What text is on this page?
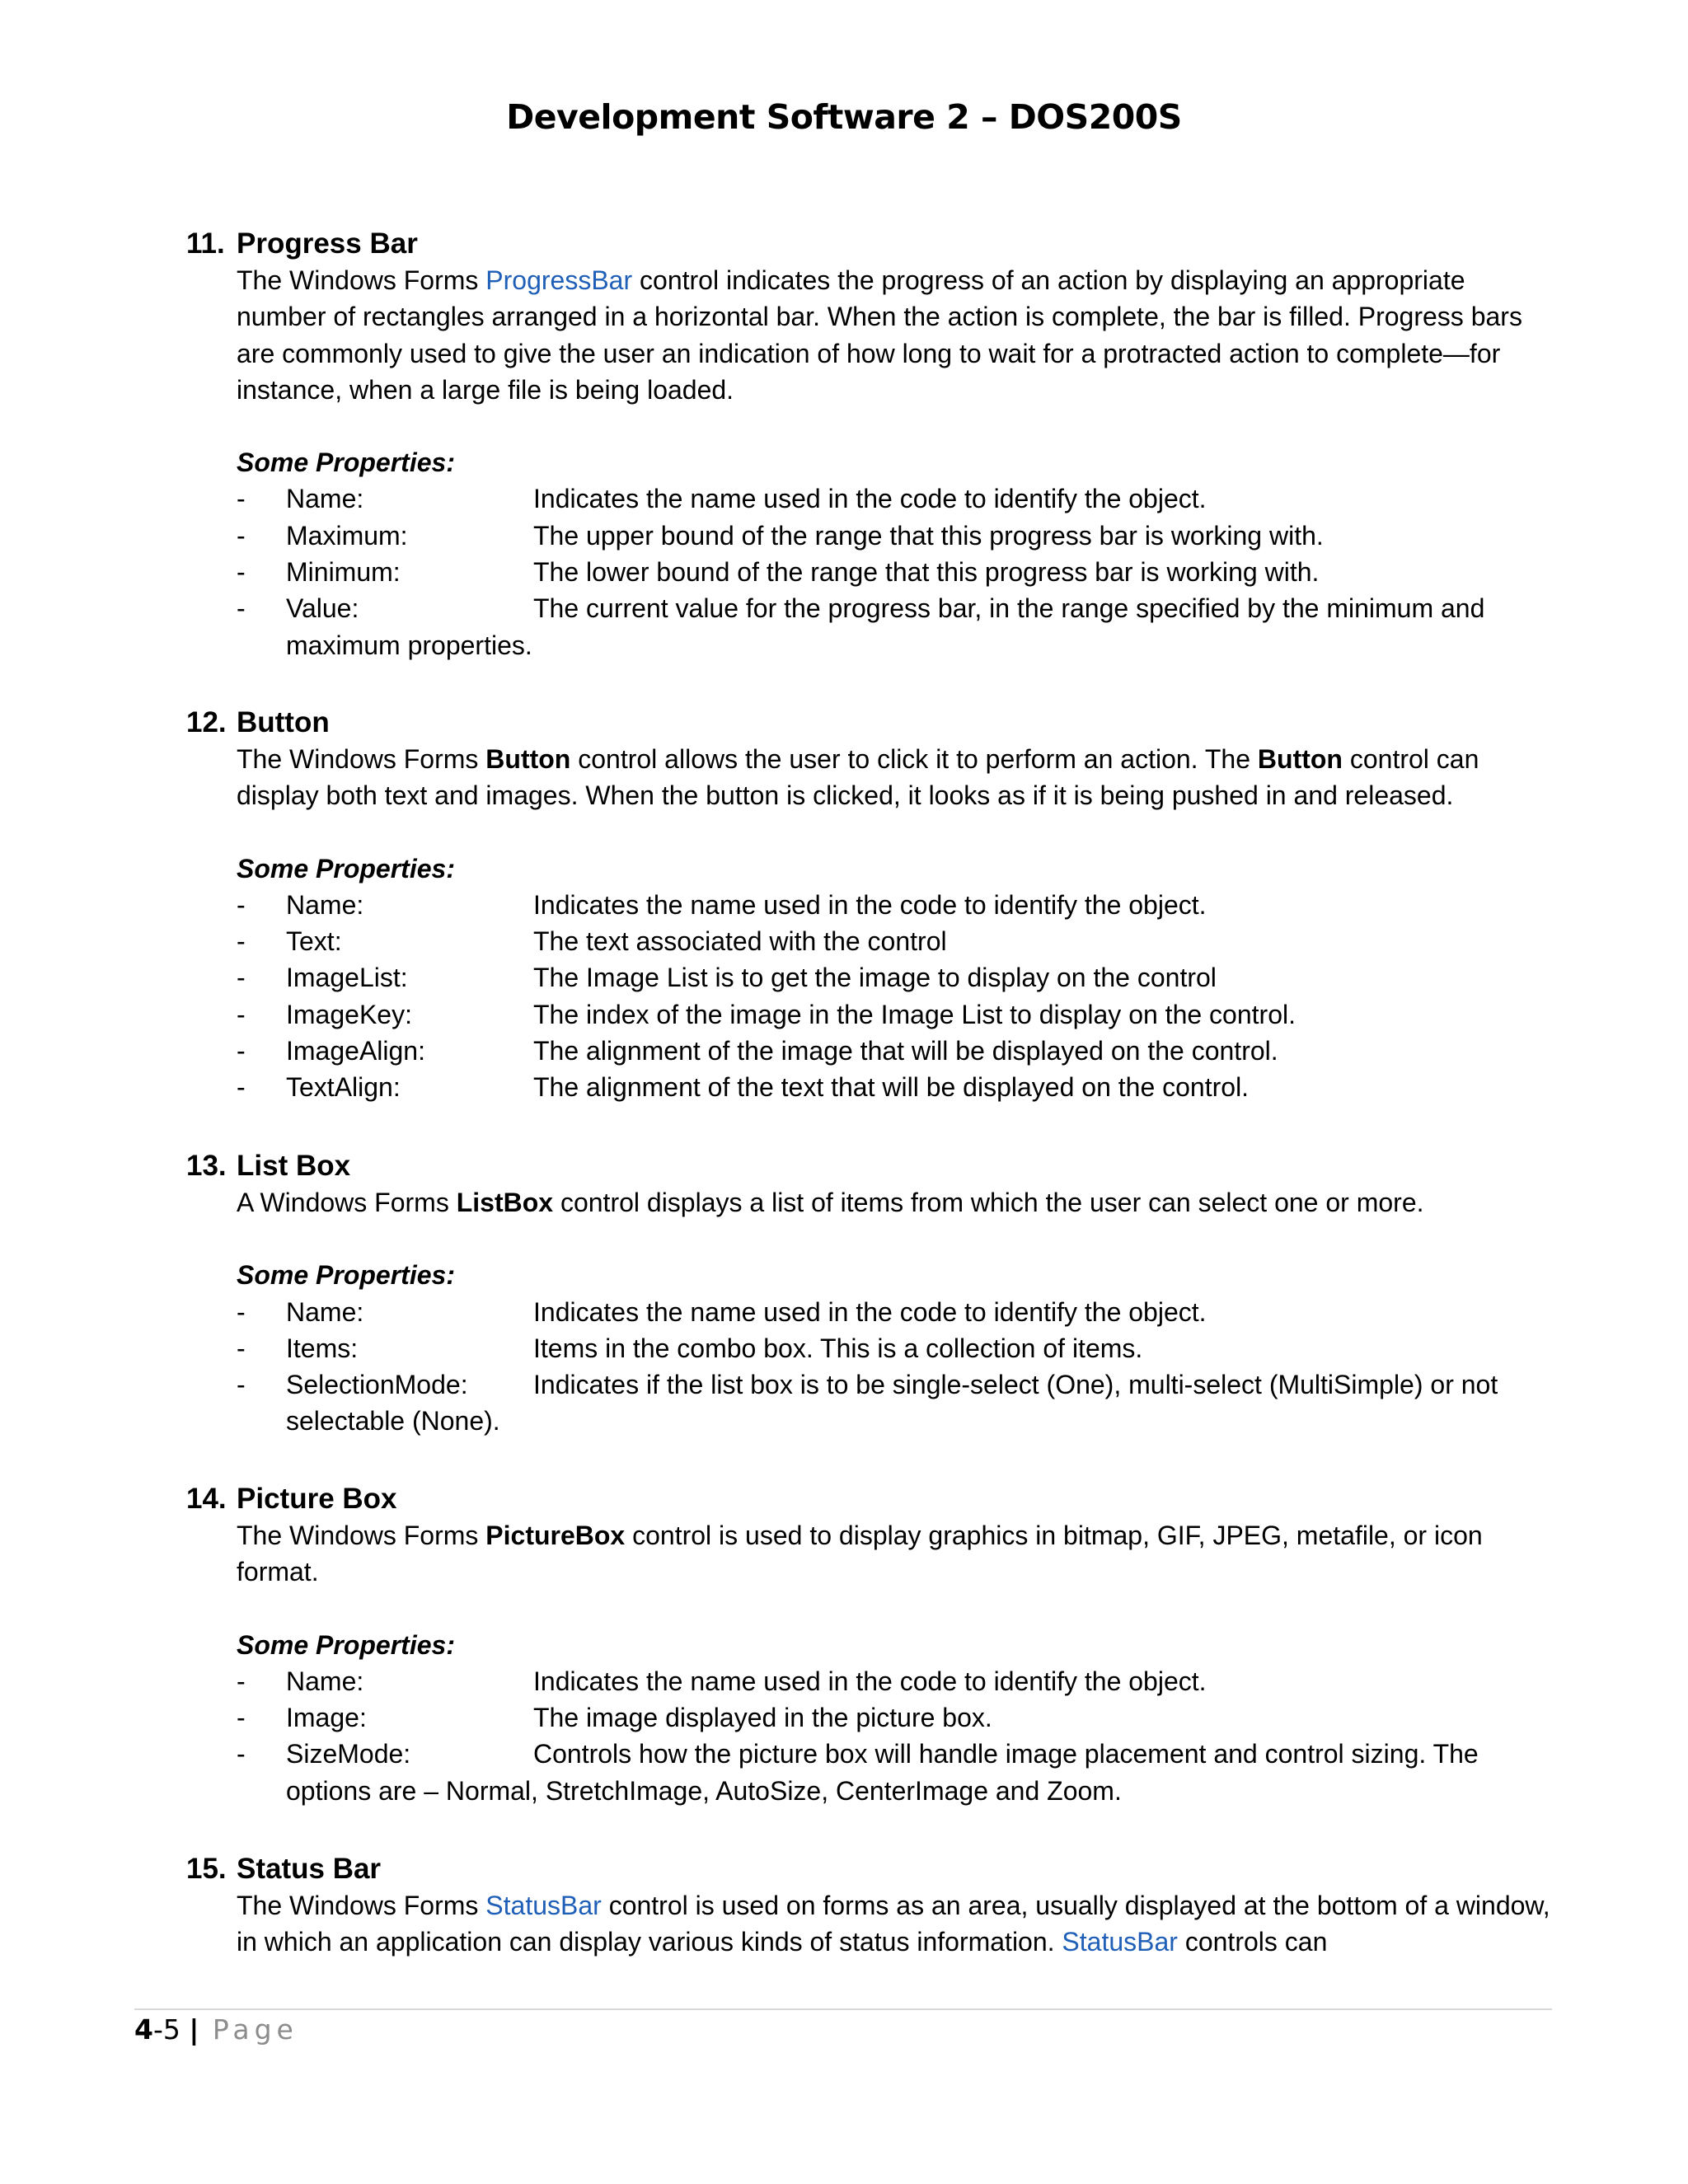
Development Software 2 – DOS200S
11. Progress Bar
The Windows Forms ProgressBar control indicates the progress of an action by displaying an appropriate number of rectangles arranged in a horizontal bar. When the action is complete, the bar is filled. Progress bars are commonly used to give the user an indication of how long to wait for a protracted action to complete—for instance, when a large file is being loaded.
Some Properties:
- Name:	Indicates the name used in the code to identify the object.
- Maximum:	The upper bound of the range that this progress bar is working with.
- Minimum:	The lower bound of the range that this progress bar is working with.
- Value:	The current value for the progress bar, in the range specified by the minimum and
maximum properties.
12. Button
The Windows Forms Button control allows the user to click it to perform an action. The Button control can display both text and images. When the button is clicked, it looks as if it is being pushed in and released.
Some Properties:
- Name:	Indicates the name used in the code to identify the object.
- Text:	The text associated with the control
- ImageList:	The Image List is to get the image to display on the control
- ImageKey:	The index of the image in the Image List to display on the control.
- ImageAlign:	The alignment of the image that will be displayed on the control.
- TextAlign:	The alignment of the text that will be displayed on the control.
13. List Box
A Windows Forms ListBox control displays a list of items from which the user can select one or more.
Some Properties:
- Name:	Indicates the name used in the code to identify the object.
- Items:	Items in the combo box. This is a collection of items.
- SelectionMode: Indicates if the list box is to be single-select (One), multi-select (MultiSimple) or not
selectable (None).
14. Picture Box
The Windows Forms PictureBox control is used to display graphics in bitmap, GIF, JPEG, metafile, or icon format.
Some Properties:
- Name:	Indicates the name used in the code to identify the object.
- Image:	The image displayed in the picture box.
- SizeMode:	Controls how the picture box will handle image placement and control sizing. The
options are – Normal, StretchImage, AutoSize, CenterImage and Zoom.
15. Status Bar
The Windows Forms StatusBar control is used on forms as an area, usually displayed at the bottom of a window, in which an application can display various kinds of status information. StatusBar controls can
4-5 | Page
